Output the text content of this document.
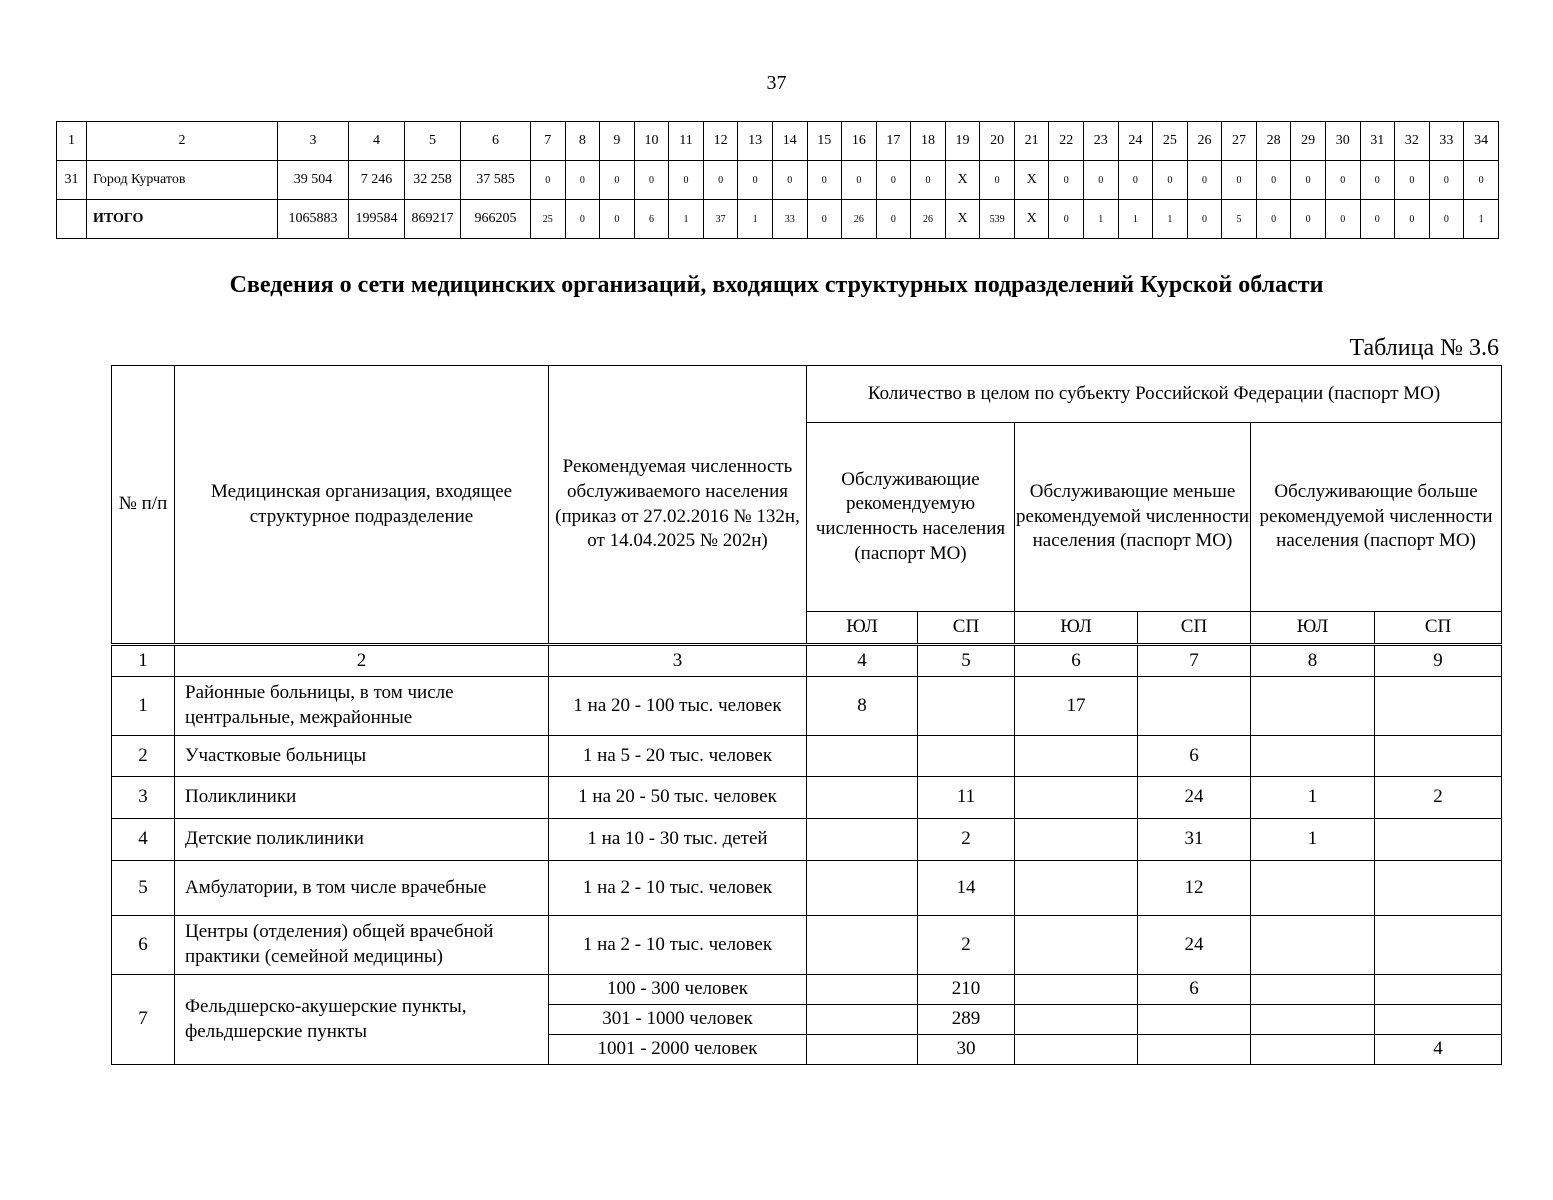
37
1	2	3	4	5	6	7	8	9	10	11	12	13	14	15	16	17	18	19	20	21	22	23	24	25	26	27	28	29	30	31	32	33	34
31	Город Курчатов	39 504	7 246	32 258	37 585	0	0	0	0	0	0	0	0	0	0	0	0	Х	0	Х	0	0	0	0	0	0	0	0	0	0	0	0	0
	ИТОГО	1065883	199584	869217	966205	25	0	0	6	1	37	1	33	0	26	0	26	Х	539	Х	0	1	1	1	0	5	0	0	0	0	0	0	1
Сведения о сети медицинских организаций, входящих структурных подразделений Курской области
Таблица № 3.6
№ п/п	Медицинская организация, входящее структурное подразделение	Рекомендуемая численность обслуживаемого населения (приказ от 27.02.2016 № 132н, от 14.04.2025 № 202н)	Количество в целом по субъекту Российской Федерации (паспорт МО)					
			Обслуживающие рекомендуемую численность населения (паспорт МО)		Обслуживающие меньше рекомендуемой численности населения (паспорт МО)		Обслуживающие больше рекомендуемой численности населения (паспорт МО)	
			ЮЛ	СП	ЮЛ	СП	ЮЛ	СП
1	2	3	4	5	6	7	8	9
1	Районные больницы, в том числе центральные, межрайонные	1 на 20 - 100 тыс. человек	8		17			
2	Участковые больницы	1 на 5 - 20 тыс. человек				6		
3	Поликлиники	1 на 20 - 50 тыс. человек		11		24	1	2
4	Детские поликлиники	1 на 10 - 30 тыс. детей		2		31	1	
5	Амбулатории, в том числе врачебные	1 на 2 - 10 тыс. человек		14		12		
6	Центры (отделения) общей врачебной практики (семейной медицины)	1 на 2 - 10 тыс. человек		2		24		
7	Фельдшерско-акушерские пункты, фельдшерские пункты	100 - 300 человек		210		6		
		301 - 1000 человек		289				
		1001 - 2000 человек		30				4
